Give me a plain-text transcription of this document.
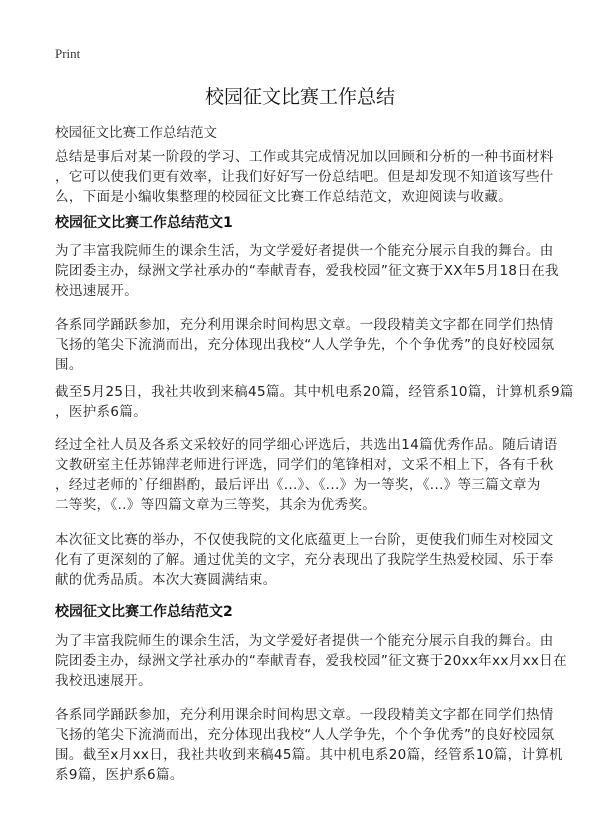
Print
校园征文比赛工作总结
校园征文比赛工作总结范文
总结是事后对某一阶段的学习、工作或其完成情况加以回顾和分析的一种书面材料
，它可以使我们更有效率，让我们好好写一份总结吧。但是却发现不知道该写些什
么，下面是小编收集整理的校园征文比赛工作总结范文，欢迎阅读与收藏。
校园征文比赛工作总结范文1
为了丰富我院师生的课余生活，为文学爱好者提供一个能充分展示自我的舞台。由
院团委主办，绿洲文学社承办的“奉献青春，爱我校园”征文赛于XX年5月18日在我
校迅速展开。
各系同学踊跃参加，充分利用课余时间构思文章。一段段精美文字都在同学们热情
飞扬的笔尖下流淌而出，充分体现出我校“人人学争先，个个争优秀”的良好校园氛
围。
截至5月25日，我社共收到来稿45篇。其中机电系20篇，经管系10篇，计算机系9篇
，医护系6篇。
经过全社人员及各系文采较好的同学细心评选后，共选出14篇优秀作品。随后请语
文教研室主任苏锦萍老师进行评选，同学们的笔锋相对，文采不相上下，各有千秋
，经过老师的`仔细斟酌，最后评出《...》、《...》为一等奖，《...》等三篇文章为
二等奖，《..》等四篇文章为三等奖，其余为优秀奖。
本次征文比赛的举办，不仅使我院的文化底蕴更上一台阶，更使我们师生对校园文
化有了更深刻的了解。通过优美的文字，充分表现出了我院学生热爱校园、乐于奉
献的优秀品质。本次大赛圆满结束。
校园征文比赛工作总结范文2
为了丰富我院师生的课余生活，为文学爱好者提供一个能充分展示自我的舞台。由
院团委主办，绿洲文学社承办的“奉献青春，爱我校园”征文赛于20xx年xx月xx日在
我校迅速展开。
各系同学踊跃参加，充分利用课余时间构思文章。一段段精美文字都在同学们热情
飞扬的笔尖下流淌而出，充分体现出我校“人人学争先，个个争优秀”的良好校园氛
围。截至x月xx日，我社共收到来稿45篇。其中机电系20篇，经管系10篇，计算机
系9篇，医护系6篇。
